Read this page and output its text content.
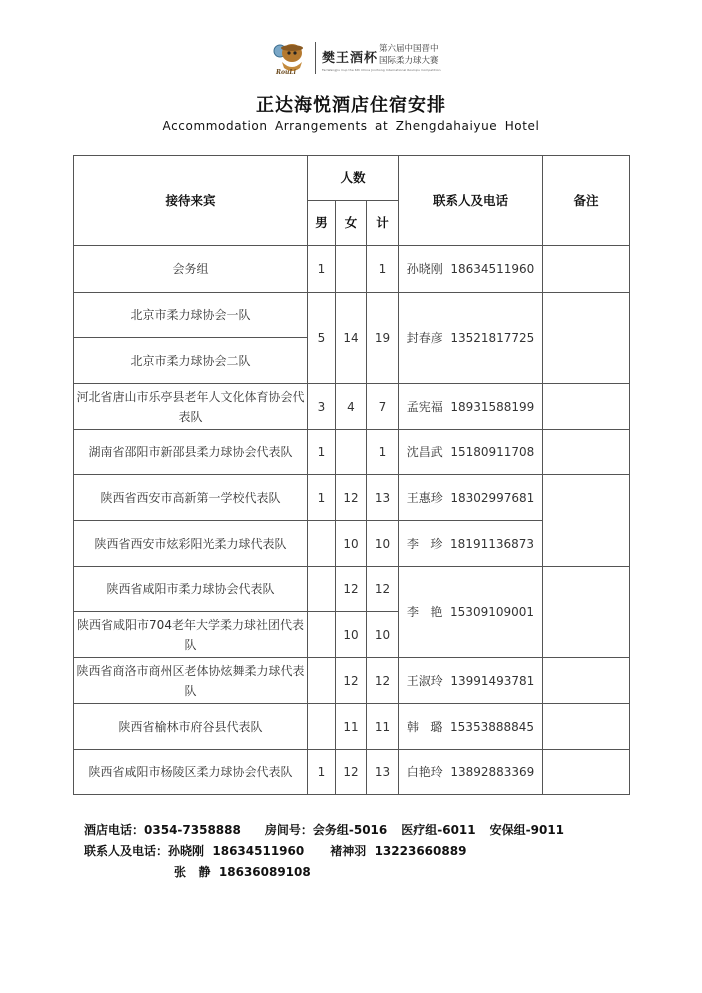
RouLi
樊王酒杯
第六届中国晋中
国际柔力球大赛
FanWangJiu Cup the 6th China Jinzhong International Rouliqiu Competition
正达海悦酒店住宿安排
Accommodation Arrangements at Zhengdahaiyue Hotel
接待来宾	人数			联系人及电话	备注
	男	女	计		
会务组	1		1	孙晓刚  18634511960	
北京市柔力球协会一队	5	14	19	封春彦  13521817725	
北京市柔力球协会二队					
河北省唐山市乐亭县老年人文化体育协会代表队	3	4	7	孟宪福  18931588199	
湖南省邵阳市新邵县柔力球协会代表队	1		1	沈昌武  15180911708	
陕西省西安市高新第一学校代表队	1	12	13	王惠珍  18302997681	
陕西省西安市炫彩阳光柔力球代表队		10	10	李   珍  18191136873	
陕西省咸阳市柔力球协会代表队		12	12	李   艳  15309109001	
陕西省咸阳市704老年大学柔力球社团代表队		10	10		
陕西省商洛市商州区老体协炫舞柔力球代表队		12	12	王淑玲  13991493781	
陕西省榆林市府谷县代表队		11	11	韩   璐  15353888845	
陕西省咸阳市杨陵区柔力球协会代表队	1	12	13	白艳玲  13892883369	
酒店电话：0354-7358888 房间号：会务组-5016 医疗组-6011 安保组-9011
联系人及电话：孙晓刚  18634511960 褚神羽  13223660889
张   静  18636089108
